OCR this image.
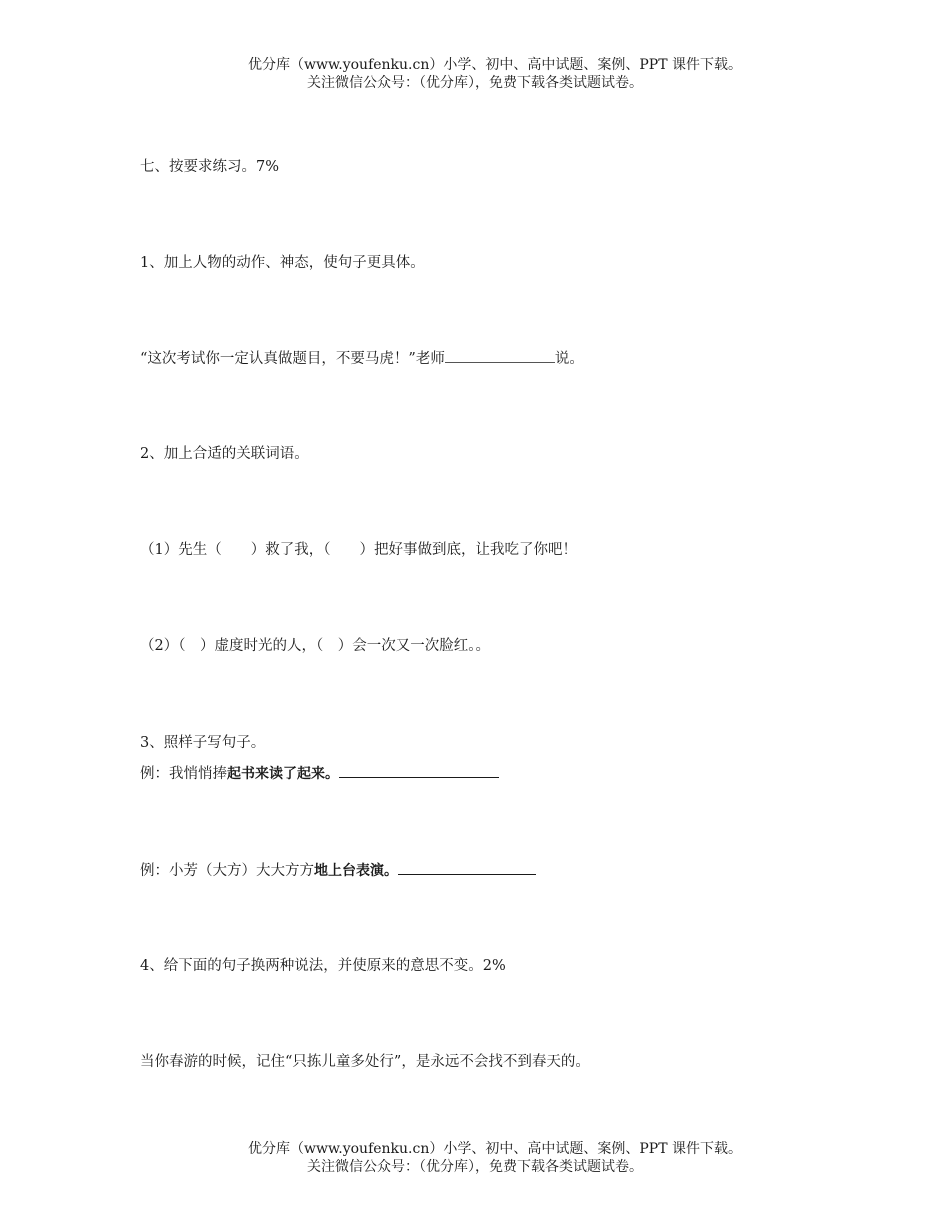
优分库（www.youfenku.cn）小学、初中、高中试题、案例、PPT 课件下载。
关注微信公众号：（优分库），免费下载各类试题试卷。
七、按要求练习。7%
1、加上人物的动作、神态，使句子更具体。
“这次考试你一定认真做题目，不要马虎！”老师	说。
2、加上合适的关联词语。
（1）先生（　　）救了我，（　　）把好事做到底，让我吃了你吧！
（2）（　）虚度时光的人，（　）会一次又一次脸红。。
3、照样子写句子。
例：我悄悄捧起书来读了起来。
例：小芳（大方）大大方方地上台表演。
4、给下面的句子换两种说法，并使原来的意思不变。2%
当你春游的时候，记住“只拣儿童多处行”，是永远不会找不到春天的。
优分库（www.youfenku.cn）小学、初中、高中试题、案例、PPT 课件下载。
关注微信公众号：（优分库），免费下载各类试题试卷。
